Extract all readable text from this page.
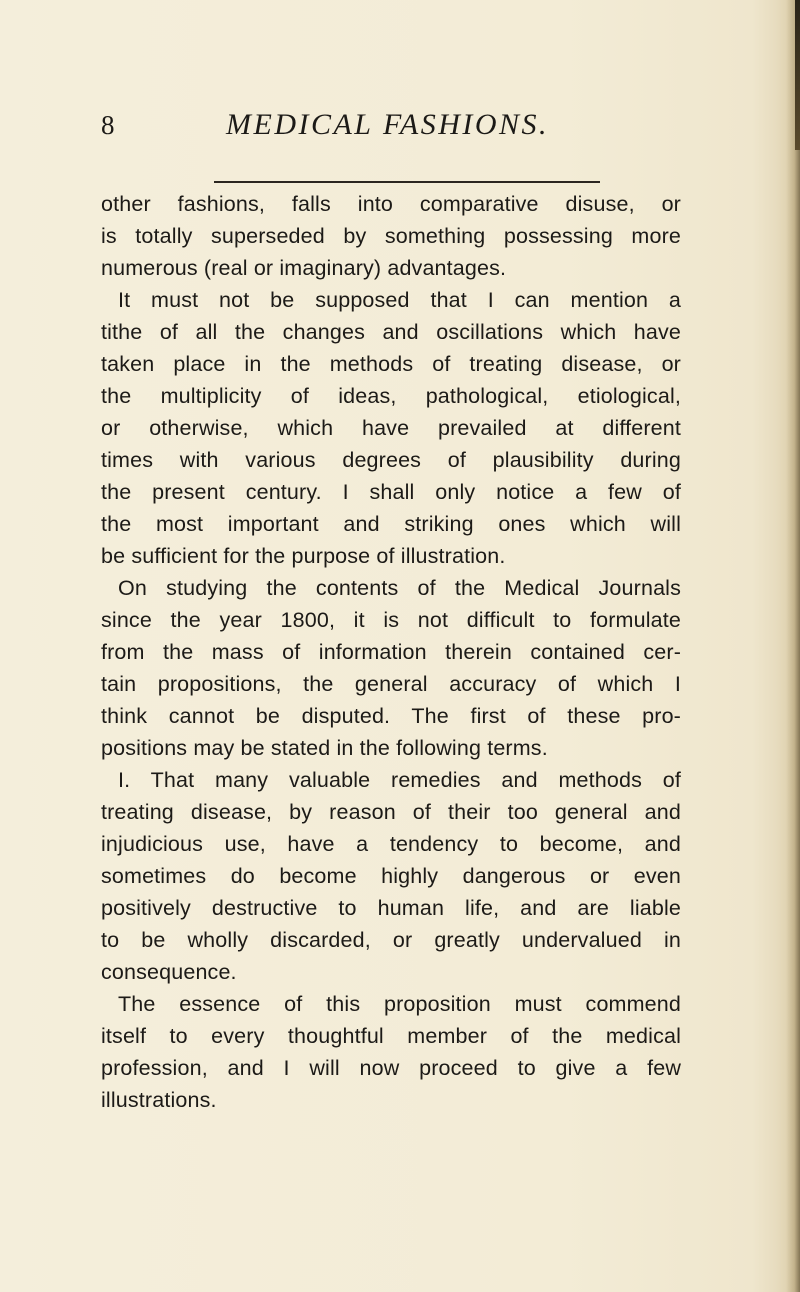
8	MEDICAL FASHIONS.
other fashions, falls into comparative disuse, or
is totally superseded by something possessing more
numerous (real or imaginary) advantages.
It must not be supposed that I can mention a
tithe of all the changes and oscillations which have
taken place in the methods of treating disease, or
the multiplicity of ideas, pathological, etiological,
or otherwise, which have prevailed at different
times with various degrees of plausibility during
the present century. I shall only notice a few of
the most important and striking ones which will
be sufficient for the purpose of illustration.
On studying the contents of the Medical Journals
since the year 1800, it is not difficult to formulate
from the mass of information therein contained cer-
tain propositions, the general accuracy of which I
think cannot be disputed. The first of these pro-
positions may be stated in the following terms.
I. That many valuable remedies and methods of
treating disease, by reason of their too general and
injudicious use, have a tendency to become, and
sometimes do become highly dangerous or even
positively destructive to human life, and are liable
to be wholly discarded, or greatly undervalued in
consequence.
The essence of this proposition must commend
itself to every thoughtful member of the medical
profession, and I will now proceed to give a few
illustrations.
